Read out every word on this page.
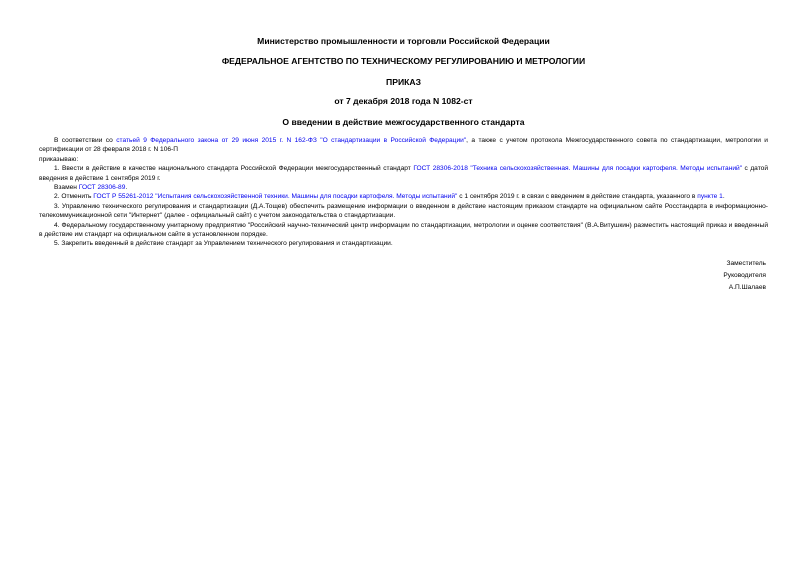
Министерство промышленности и торговли Российской Федерации
ФЕДЕРАЛЬНОЕ АГЕНТСТВО ПО ТЕХНИЧЕСКОМУ РЕГУЛИРОВАНИЮ И МЕТРОЛОГИИ
ПРИКАЗ
от 7 декабря 2018 года N 1082-ст
О введении в действие межгосударственного стандарта

В соответствии со статьей 9 Федерального закона от 29 июня 2015 г. N 162-ФЗ "О стандартизации в Российской Федерации", а также с учетом протокола Межгосударственного совета по стандартизации, метрологии и сертификации от 28 февраля 2018 г. N 106-П

приказываю:

1. Ввести в действие в качестве национального стандарта Российской Федерации межгосударственный стандарт ГОСТ 28306-2018 "Техника сельскохозяйственная. Машины для посадки картофеля. Методы испытаний" с датой введения в действие 1 сентября 2019 г.

Взамен ГОСТ 28306-89.

2. Отменить ГОСТ Р 55261-2012 "Испытания сельскохозяйственной техники. Машины для посадки картофеля. Методы испытаний" с 1 сентября 2019 г. в связи с введением в действие стандарта, указанного в пункте 1.

3. Управлению технического регулирования и стандартизации (Д.А.Тощев) обеспечить размещение информации о введенном в действие настоящим приказом стандарте на официальном сайте Росстандарта в информационно-телекоммуникационной сети "Интернет" (далее - официальный сайт) с учетом законодательства о стандартизации.

4. Федеральному государственному унитарному предприятию "Российский научно-технический центр информации по стандартизации, метрологии и оценке соответствия" (В.А.Витушкин) разместить настоящий приказ и введенный в действие им стандарт на официальном сайте в установленном порядке.

5. Закрепить введенный в действие стандарт за Управлением технического регулирования и стандартизации.

Заместитель
Руководителя
А.П.Шалаев
